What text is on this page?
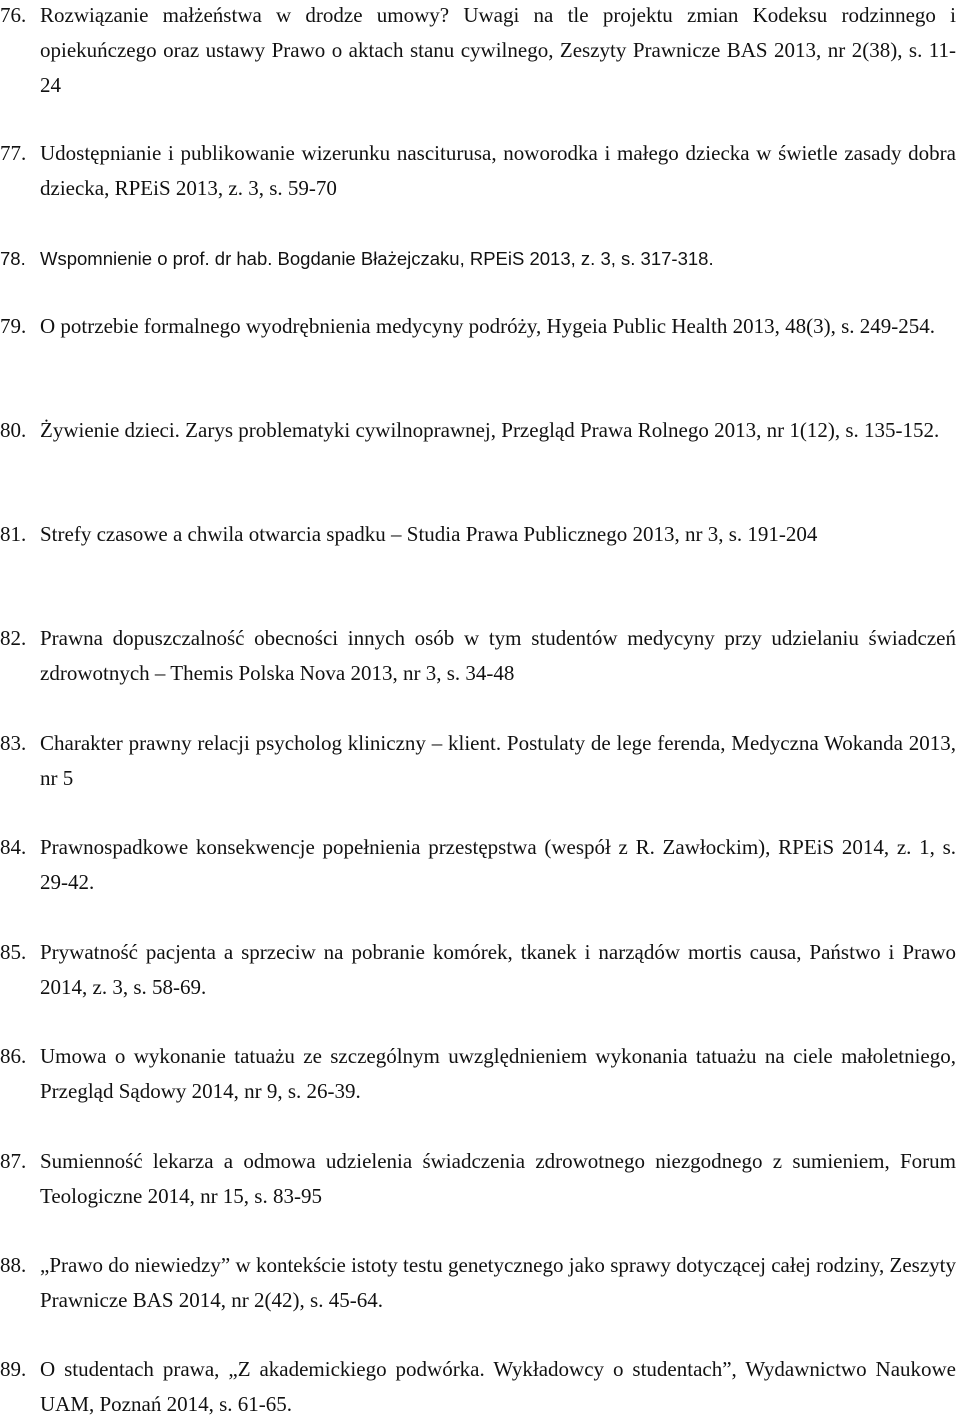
76. Rozwiązanie małżeństwa w drodze umowy? Uwagi na tle projektu zmian Kodeksu rodzinnego i opiekuńczego oraz ustawy Prawo o aktach stanu cywilnego, Zeszyty Prawnicze BAS 2013, nr 2(38), s. 11-24
77. Udostępnianie i publikowanie wizerunku nasciturusa, noworodka i małego dziecka w świetle zasady dobra dziecka, RPEiS 2013, z. 3, s. 59-70
78. Wspomnienie o prof. dr hab. Bogdanie Błażejczaku, RPEiS 2013, z. 3, s. 317-318.
79. O potrzebie formalnego wyodrębnienia medycyny podróży, Hygeia Public Health 2013, 48(3), s. 249-254.
80. Żywienie dzieci. Zarys problematyki cywilnoprawnej, Przegląd Prawa Rolnego 2013, nr 1(12), s. 135-152.
81. Strefy czasowe a chwila otwarcia spadku – Studia Prawa Publicznego 2013, nr 3, s. 191-204
82. Prawna dopuszczalność obecności innych osób w tym studentów medycyny przy udzielaniu świadczeń zdrowotnych – Themis Polska Nova 2013, nr 3, s. 34-48
83. Charakter prawny relacji psycholog kliniczny – klient. Postulaty de lege ferenda, Medyczna Wokanda 2013, nr 5
84. Prawnospadkowe konsekwencje popełnienia przestępstwa (wespół z R. Zawłockim), RPEiS 2014, z. 1, s. 29-42.
85. Prywatność pacjenta a sprzeciw na pobranie komórek, tkanek i narządów mortis causa, Państwo i Prawo 2014, z. 3, s. 58-69.
86. Umowa o wykonanie tatuażu ze szczególnym uwzględnieniem wykonania tatuażu na ciele małoletniego, Przegląd Sądowy 2014, nr 9, s. 26-39.
87. Sumienność lekarza a odmowa udzielenia świadczenia zdrowotnego niezgodnego z sumieniem, Forum Teologiczne 2014, nr 15, s. 83-95
88. „Prawo do niewiedzy” w kontekście istoty testu genetycznego jako sprawy dotyczącej całej rodziny, Zeszyty Prawnicze BAS 2014, nr 2(42), s. 45-64.
89. O studentach prawa, „Z akademickiego podwórka. Wykładowcy o studentach”, Wydawnictwo Naukowe UAM, Poznań 2014, s. 61-65.
